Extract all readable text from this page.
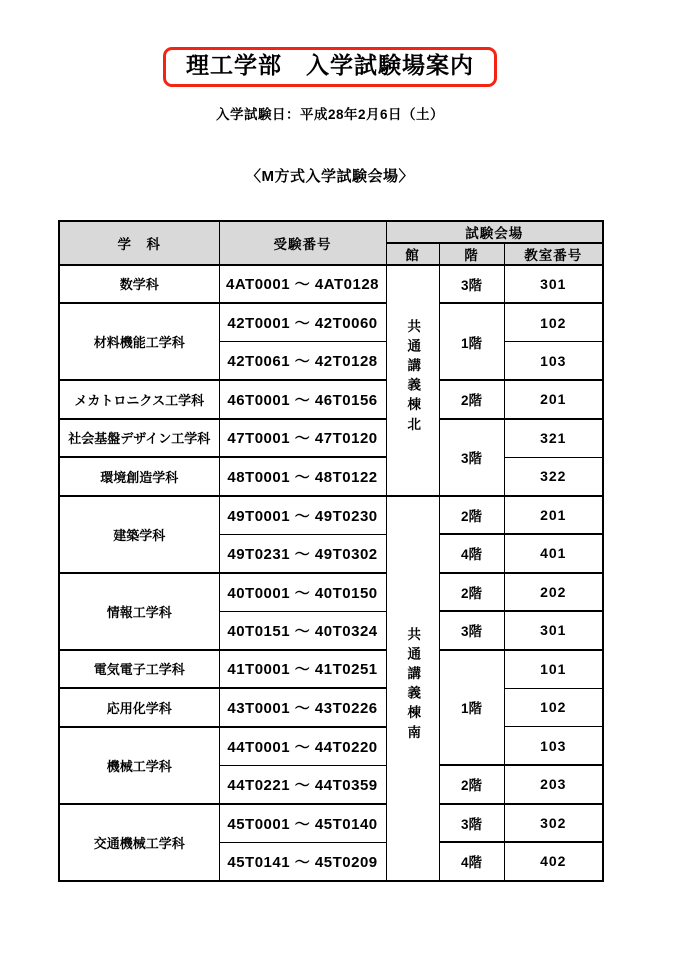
理工学部　入学試験場案内
入学試験日：平成28年2月6日（土）
〈M方式入学試験会場〉
学　科	受験番号	試験会場		
		館	階	教室番号
数学科	4AT0001 ～ 4AT0128	共通講義棟北	3階	301
材料機能工学科	42T0001 ～ 42T0060		1階	102
	42T0061 ～ 42T0128			103
メカトロニクス工学科	46T0001 ～ 46T0156		2階	201
社会基盤デザイン工学科	47T0001 ～ 47T0120		3階	321
環境創造学科	48T0001 ～ 48T0122			322
建築学科	49T0001 ～ 49T0230	共通講義棟南	2階	201
	49T0231 ～ 49T0302		4階	401
情報工学科	40T0001 ～ 40T0150		2階	202
	40T0151 ～ 40T0324		3階	301
電気電子工学科	41T0001 ～ 41T0251		1階	101
応用化学科	43T0001 ～ 43T0226			102
機械工学科	44T0001 ～ 44T0220			103
	44T0221 ～ 44T0359		2階	203
交通機械工学科	45T0001 ～ 45T0140		3階	302
	45T0141 ～ 45T0209		4階	402
